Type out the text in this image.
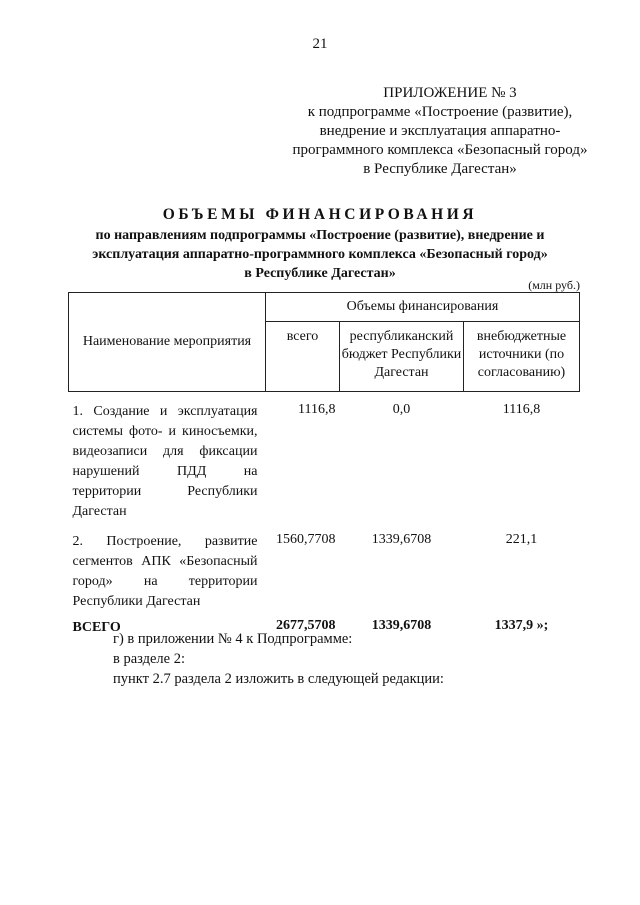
21
ПРИЛОЖЕНИЕ № 3
к подпрограмме «Построение (развитие),
внедрение и эксплуатация аппаратно-
программного комплекса «Безопасный город»
в Республике Дагестан»
ОБЪЕМЫ ФИНАНСИРОВАНИЯ
по направлениям подпрограммы «Построение (развитие), внедрение и
эксплуатация аппаратно-программного комплекса «Безопасный город»
в Республике Дагестан»
(млн руб.)
Наименование мероприятия	Объемы финансирования		
	всего	республиканский бюджет Республики Дагестан	внебюджетные источники (по согласованию)
1. Создание и эксплуатация системы фото- и киносъемки, видеозаписи для фиксации нарушений ПДД на территории Республики Дагестан	1116,8	0,0	1116,8
2. Построение, развитие сегментов АПК «Безопасный город» на территории Республики Дагестан	1560,7708	1339,6708	221,1
ВСЕГО	2677,5708	1339,6708	1337,9 »;
г) в приложении № 4 к Подпрограмме:
в разделе 2:
пункт 2.7 раздела 2 изложить в следующей редакции:
